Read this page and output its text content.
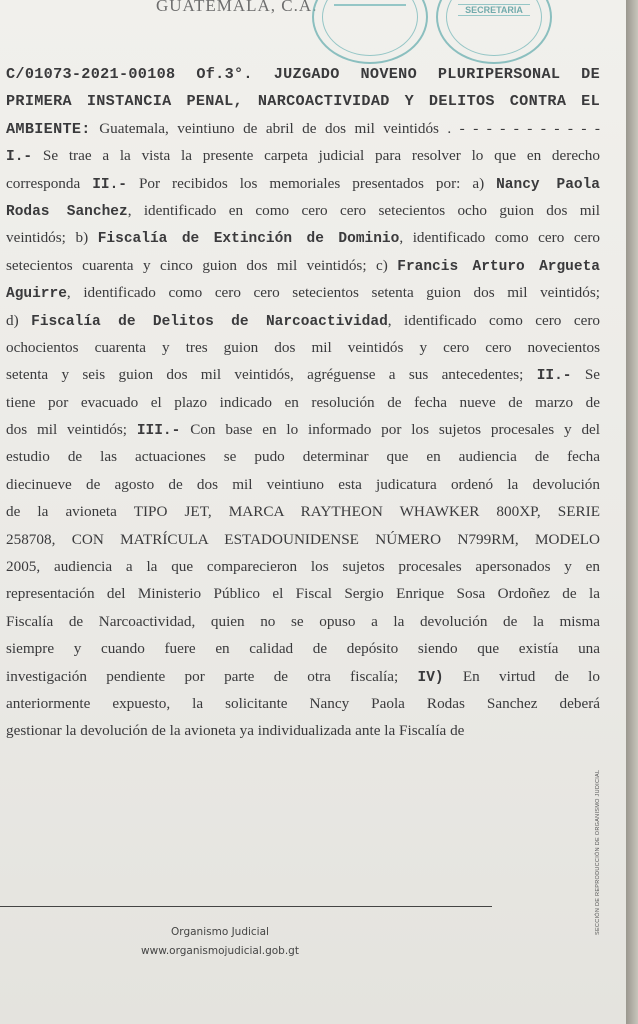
GUATEMALA, C.A.	SECRETARIA
C/01073-2021-00108 Of.3°. JUZGADO NOVENO PLURIPERSONAL DE
PRIMERA INSTANCIA PENAL, NARCOACTIVIDAD Y DELITOS CONTRA EL
AMBIENTE: Guatemala, veintiuno de abril de dos mil veintidós . - - - - - - - - - - -
I.- Se trae a la vista la presente carpeta judicial para resolver lo que en derecho
corresponda II.- Por recibidos los memoriales presentados por: a) Nancy Paola
Rodas Sanchez, identificado en como cero cero setecientos ocho guion dos mil
veintidós; b) Fiscalía de Extinción de Dominio, identificado como cero cero
setecientos cuarenta y cinco guion dos mil veintidós; c) Francis Arturo Argueta
Aguirre, identificado como cero cero setecientos setenta guion dos mil veintidós;
d) Fiscalía de Delitos de Narcoactividad, identificado como cero cero
ochocientos cuarenta y tres guion dos mil veintidós y cero cero novecientos
setenta y seis guion dos mil veintidós, agréguense a sus antecedentes; II.- Se
tiene por evacuado el plazo indicado en resolución de fecha nueve de marzo de
dos mil veintidós; III.- Con base en lo informado por los sujetos procesales y del
estudio de las actuaciones se pudo determinar que en audiencia de fecha
diecinueve de agosto de dos mil veintiuno esta judicatura ordenó la devolución
de la avioneta TIPO JET, MARCA RAYTHEON WHAWKER 800XP, SERIE
258708, CON MATRÍCULA ESTADOUNIDENSE NÚMERO N799RM, MODELO
2005, audiencia a la que comparecieron los sujetos procesales apersonados y en
representación del Ministerio Público el Fiscal Sergio Enrique Sosa Ordoñez de la
Fiscalía de Narcoactividad, quien no se opuso a la devolución de la misma
siempre y cuando fuere en calidad de depósito siendo que existía una
investigación pendiente por parte de otra fiscalía; IV) En virtud de lo
anteriormente expuesto, la solicitante Nancy Paola Rodas Sanchez deberá
gestionar la devolución de la avioneta ya individualizada ante la Fiscalía de
Organismo Judicial
www.organismojudicial.gob.gt
SECCIÓN DE REPRODUCCIÓN DE ORGANISMO JUDICIAL
